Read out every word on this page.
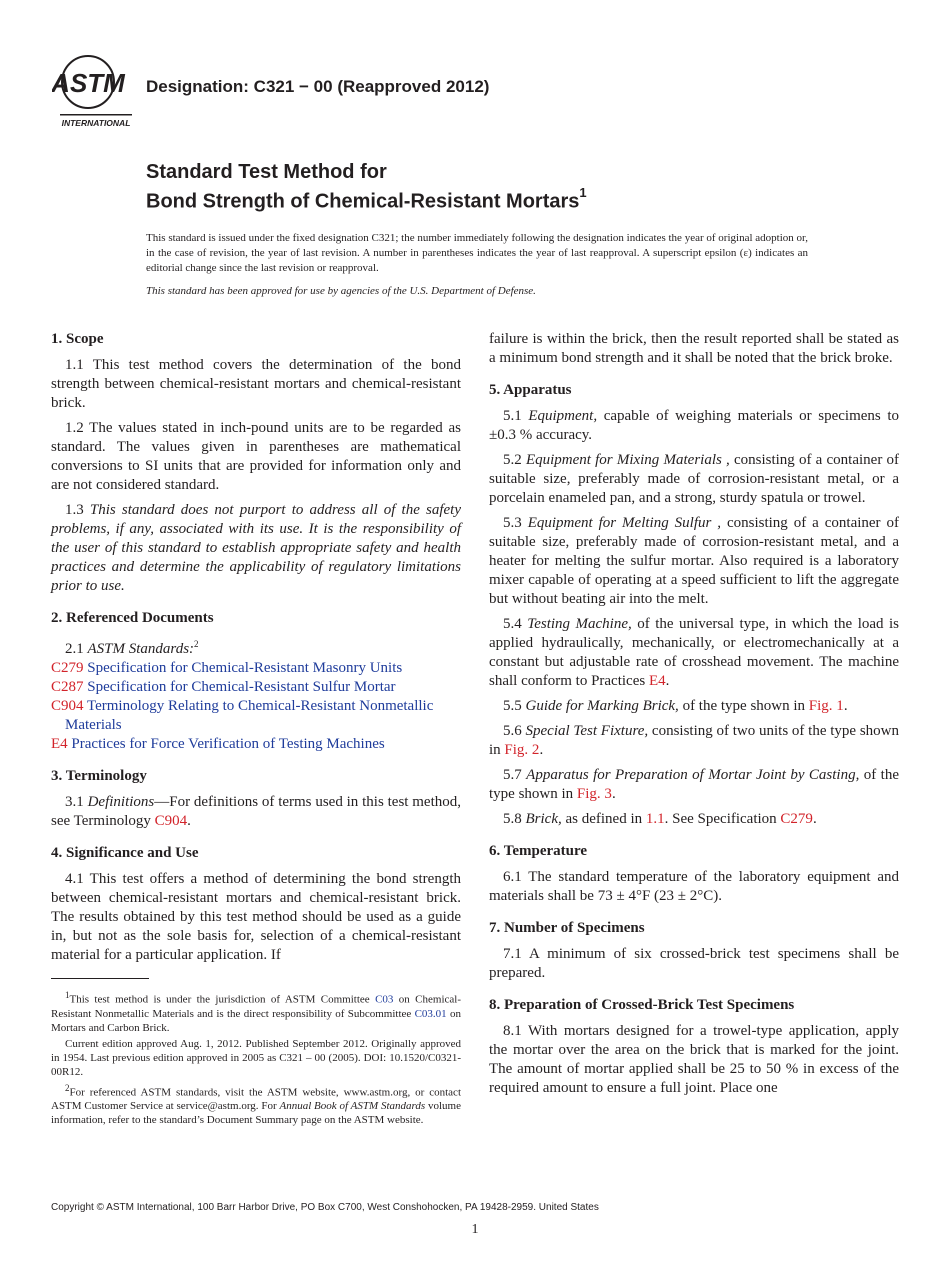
ASTM
INTERNATIONAL
Designation: C321 − 00 (Reapproved 2012)
Standard Test Method for
Bond Strength of Chemical-Resistant Mortars$^1$
This standard is issued under the fixed designation C321; the number immediately following the designation indicates the year of original adoption or, in the case of revision, the year of last revision. A number in parentheses indicates the year of last reapproval. A superscript epsilon (ε) indicates an editorial change since the last revision or reapproval.
This standard has been approved for use by agencies of the U.S. Department of Defense.
1. Scope

1.1 This test method covers the determination of the bond strength between chemical-resistant mortars and chemical-resistant brick.

1.2 The values stated in inch-pound units are to be regarded as standard. The values given in parentheses are mathematical conversions to SI units that are provided for information only and are not considered standard.

1.3 This standard does not purport to address all of the safety problems, if any, associated with its use. It is the responsibility of the user of this standard to establish appropriate safety and health practices and determine the applicability of regulatory limitations prior to use.

2. Referenced Documents

2.1 ASTM Standards:$^2$

C279 Specification for Chemical-Resistant Masonry Units
C287 Specification for Chemical-Resistant Sulfur Mortar
C904 Terminology Relating to Chemical-Resistant Nonmetallic Materials
E4 Practices for Force Verification of Testing Machines
3. Terminology

3.1 Definitions—For definitions of terms used in this test method, see Terminology C904.

4. Significance and Use

4.1 This test offers a method of determining the bond strength between chemical-resistant mortars and chemical-resistant brick. The results obtained by this test method should be used as a guide in, but not as the sole basis for, selection of a chemical-resistant material for a particular application. If

$^1$This test method is under the jurisdiction of ASTM Committee C03 on Chemical-Resistant Nonmetallic Materials and is the direct responsibility of Subcommittee C03.01 on Mortars and Carbon Brick.

Current edition approved Aug. 1, 2012. Published September 2012. Originally approved in 1954. Last previous edition approved in 2005 as C321 – 00 (2005). DOI: 10.1520/C0321-00R12.

$^2$For referenced ASTM standards, visit the ASTM website, www.astm.org, or contact ASTM Customer Service at service@astm.org. For Annual Book of ASTM Standards volume information, refer to the standard’s Document Summary page on the ASTM website.

failure is within the brick, then the result reported shall be stated as a minimum bond strength and it shall be noted that the brick broke.

5. Apparatus

5.1 Equipment, capable of weighing materials or specimens to ±0.3 % accuracy.

5.2 Equipment for Mixing Materials , consisting of a container of suitable size, preferably made of corrosion-resistant metal, or a porcelain enameled pan, and a strong, sturdy spatula or trowel.

5.3 Equipment for Melting Sulfur , consisting of a container of suitable size, preferably made of corrosion-resistant metal, and a heater for melting the sulfur mortar. Also required is a laboratory mixer capable of operating at a speed sufficient to lift the aggregate but without beating air into the melt.

5.4 Testing Machine, of the universal type, in which the load is applied hydraulically, mechanically, or electromechanically at a constant but adjustable rate of crosshead movement. The machine shall conform to Practices E4.

5.5 Guide for Marking Brick, of the type shown in Fig. 1.

5.6 Special Test Fixture, consisting of two units of the type shown in Fig. 2.

5.7 Apparatus for Preparation of Mortar Joint by Casting, of the type shown in Fig. 3.

5.8 Brick, as defined in 1.1. See Specification C279.

6. Temperature

6.1 The standard temperature of the laboratory equipment and materials shall be 73 ± 4°F (23 ± 2°C).

7. Number of Specimens

7.1 A minimum of six crossed-brick test specimens shall be prepared.

8. Preparation of Crossed-Brick Test Specimens

8.1 With mortars designed for a trowel-type application, apply the mortar over the area on the brick that is marked for the joint. The amount of mortar applied shall be 25 to 50 % in excess of the required amount to ensure a full joint. Place one

Copyright © ASTM International, 100 Barr Harbor Drive, PO Box C700, West Conshohocken, PA 19428-2959. United States
1
